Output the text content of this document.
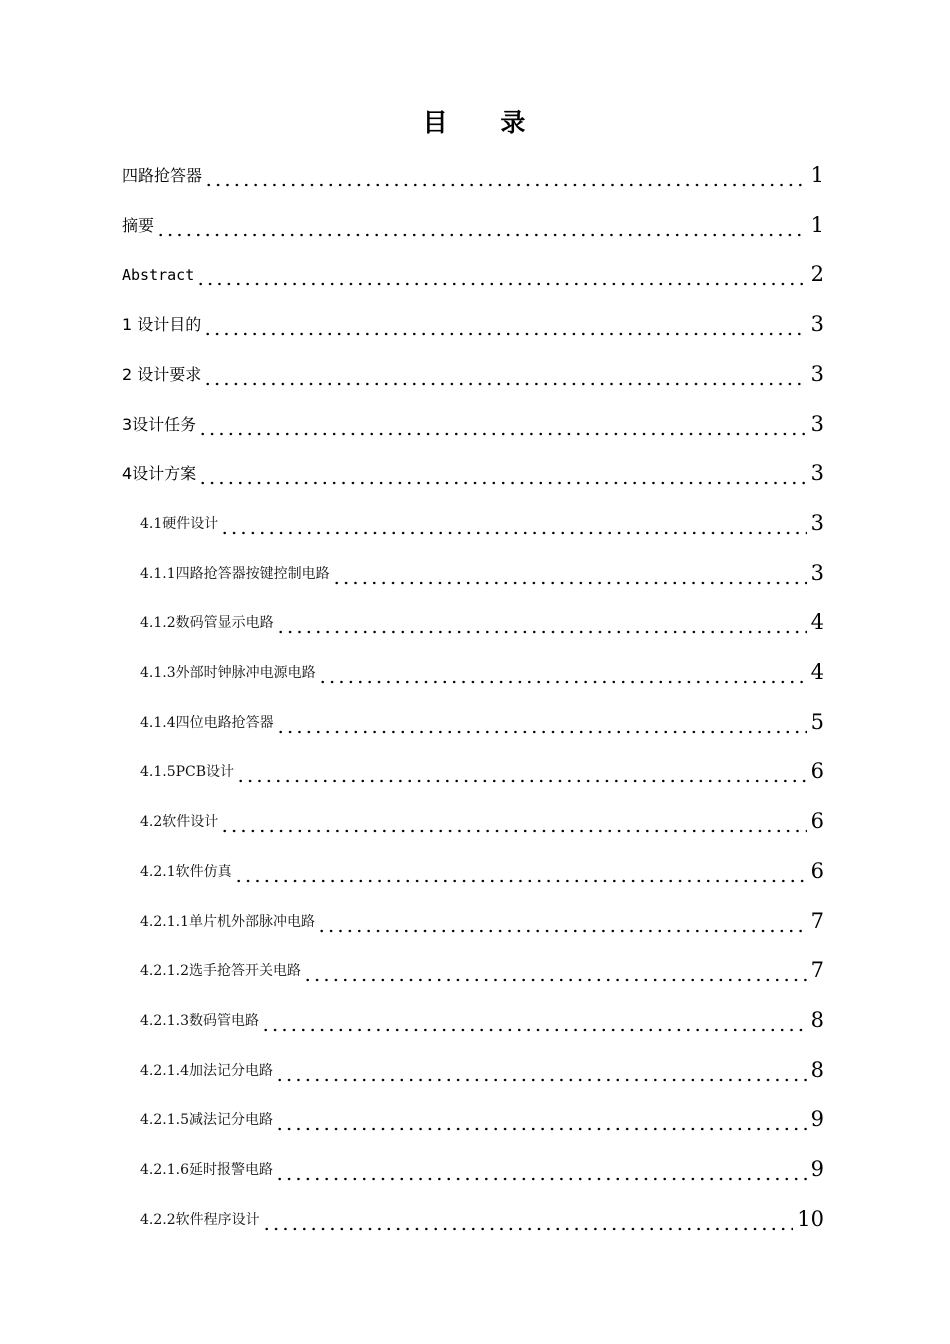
目 录
四路抢答器	1
摘要	1
Abstract	2
1 设计目的	3
2 设计要求	3
3设计任务	3
4设计方案	3
4.1硬件设计	3
4.1.1四路抢答器按键控制电路	3
4.1.2数码管显示电路	4
4.1.3外部时钟脉冲电源电路	4
4.1.4四位电路抢答器	5
4.1.5PCB设计	6
4.2软件设计	6
4.2.1软件仿真	6
4.2.1.1单片机外部脉冲电路	7
4.2.1.2选手抢答开关电路	7
4.2.1.3数码管电路	8
4.2.1.4加法记分电路	8
4.2.1.5减法记分电路	9
4.2.1.6延时报警电路	9
4.2.2软件程序设计	10
